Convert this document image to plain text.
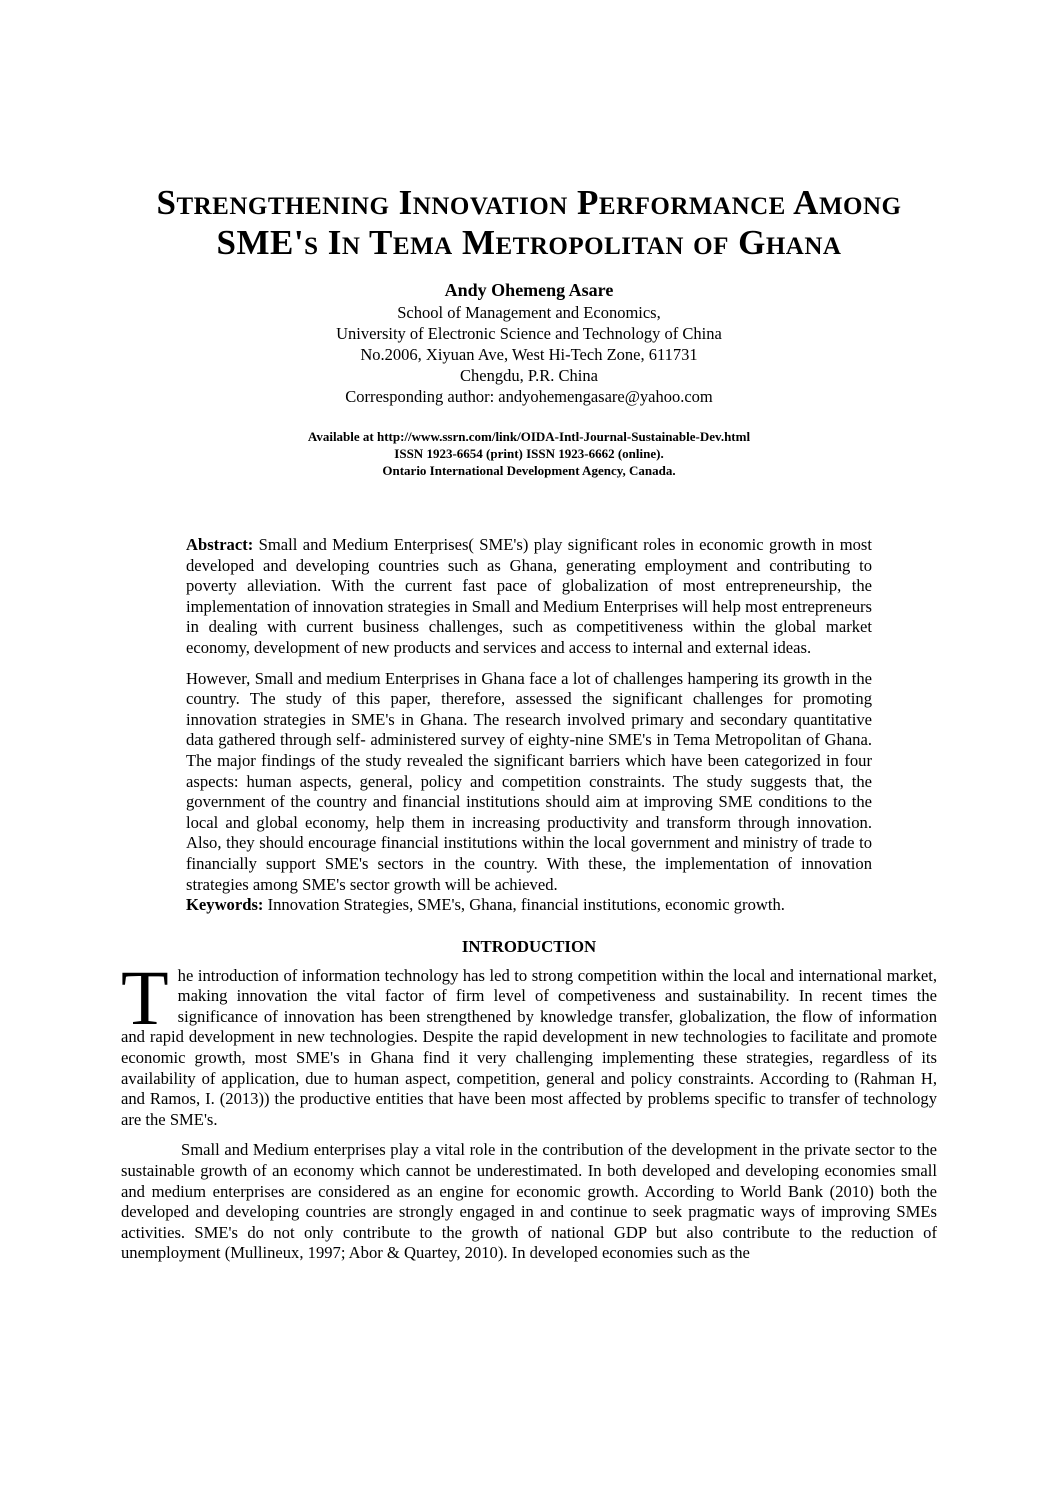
Strengthening Innovation Performance Among
SME's In Tema Metropolitan of Ghana
Andy Ohemeng Asare
School of Management and Economics,
University of Electronic Science and Technology of China
No.2006, Xiyuan Ave, West Hi-Tech Zone, 611731
Chengdu, P.R. China
Corresponding author: andyohemengasare@yahoo.com
Available at http://www.ssrn.com/link/OIDA-Intl-Journal-Sustainable-Dev.html
ISSN 1923-6654 (print) ISSN 1923-6662 (online).
Ontario International Development Agency, Canada.

Abstract: Small and Medium Enterprises( SME's) play significant roles in economic growth in most developed and developing countries such as Ghana, generating employment and contributing to poverty alleviation. With the current fast pace of globalization of most entrepreneurship, the implementation of innovation strategies in Small and Medium Enterprises will help most entrepreneurs in dealing with current business challenges, such as competitiveness within the global market economy, development of new products and services and access to internal and external ideas.

However, Small and medium Enterprises in Ghana face a lot of challenges hampering its growth in the country. The study of this paper, therefore, assessed the significant challenges for promoting innovation strategies in SME's in Ghana. The research involved primary and secondary quantitative data gathered through self- administered survey of eighty-nine SME's in Tema Metropolitan of Ghana. The major findings of the study revealed the significant barriers which have been categorized in four aspects: human aspects, general, policy and competition constraints. The study suggests that, the government of the country and financial institutions should aim at improving SME conditions to the local and global economy, help them in increasing productivity and transform through innovation. Also, they should encourage financial institutions within the local government and ministry of trade to financially support SME's sectors in the country. With these, the implementation of innovation strategies among SME's sector growth will be achieved.

Keywords: Innovation Strategies, SME's, Ghana, financial institutions, economic growth.
INTRODUCTION

The introduction of information technology has led to strong competition within the local and international market, making innovation the vital factor of firm level of competiveness and sustainability. In recent times the significance of innovation has been strengthened by knowledge transfer, globalization, the flow of information and rapid development in new technologies. Despite the rapid development in new technologies to facilitate and promote economic growth, most SME's in Ghana find it very challenging implementing these strategies, regardless of its availability of application, due to human aspect, competition, general and policy constraints. According to (Rahman H, and Ramos, I. (2013)) the productive entities that have been most affected by problems specific to transfer of technology are the SME's.

Small and Medium enterprises play a vital role in the contribution of the development in the private sector to the sustainable growth of an economy which cannot be underestimated. In both developed and developing economies small and medium enterprises are considered as an engine for economic growth. According to World Bank (2010) both the developed and developing countries are strongly engaged in and continue to seek pragmatic ways of improving SMEs activities. SME's do not only contribute to the growth of national GDP but also contribute to the reduction of unemployment (Mullineux, 1997; Abor & Quartey, 2010). In developed economies such as the
